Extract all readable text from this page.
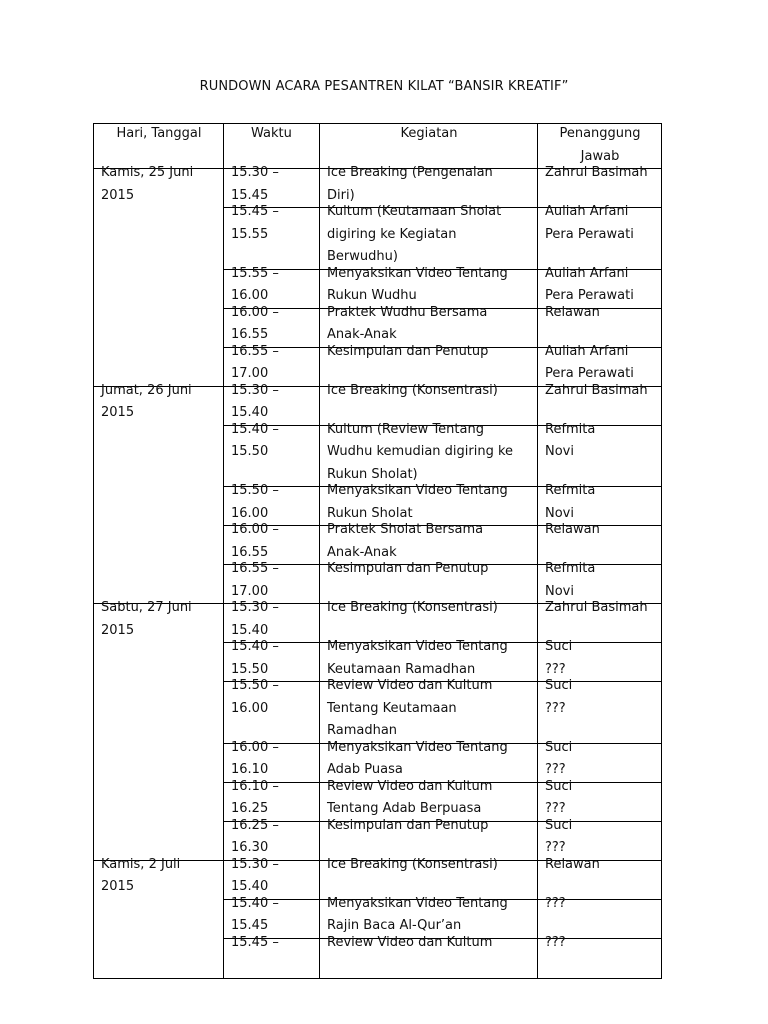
RUNDOWN ACARA PESANTREN KILAT “BANSIR KREATIF”
Hari, Tanggal	Waktu	Kegiatan	Penanggung
Jawab

Kamis, 25 Juni
2015	15.30 –
15.45	Ice Breaking (Pengenalan
Diri)	Zahrul Basimah

	15.45 –
15.55	Kultum (Keutamaan Sholat
digiring ke Kegiatan
Berwudhu)	Auliah Arfani
Pera Perawati

	15.55 –
16.00	Menyaksikan Video Tentang
Rukun Wudhu	Auliah Arfani
Pera Perawati

	16.00 –
16.55	Praktek Wudhu Bersama
Anak-Anak	Relawan

	16.55 –
17.00	Kesimpulan dan Penutup	Auliah Arfani
Pera Perawati

Jumat, 26 Juni
2015	15.30 –
15.40	Ice Breaking (Konsentrasi)	Zahrul Basimah

	15.40 –
15.50	Kultum (Review Tentang
Wudhu kemudian digiring ke
Rukun Sholat)	Refmita
Novi

	15.50 –
16.00	Menyaksikan Video Tentang
Rukun Sholat	Refmita
Novi

	16.00 –
16.55	Praktek Sholat Bersama
Anak-Anak	Relawan

	16.55 –
17.00	Kesimpulan dan Penutup	Refmita
Novi

Sabtu, 27 Juni
2015	15.30 –
15.40	Ice Breaking (Konsentrasi)	Zahrul Basimah

	15.40 –
15.50	Menyaksikan Video Tentang
Keutamaan Ramadhan	Suci
???

	15.50 –
16.00	Review Video dan Kultum
Tentang Keutamaan
Ramadhan	Suci
???

	16.00 –
16.10	Menyaksikan Video Tentang
Adab Puasa	Suci
???

	16.10 –
16.25	Review Video dan Kultum
Tentang Adab Berpuasa	Suci
???

	16.25 –
16.30	Kesimpulan dan Penutup	Suci
???

Kamis, 2 Juli
2015	15.30 –
15.40	Ice Breaking (Konsentrasi)	Relawan

	15.40 –
15.45	Menyaksikan Video Tentang
Rajin Baca Al-Qur’an	???

	15.45 –	Review Video dan Kultum	???
